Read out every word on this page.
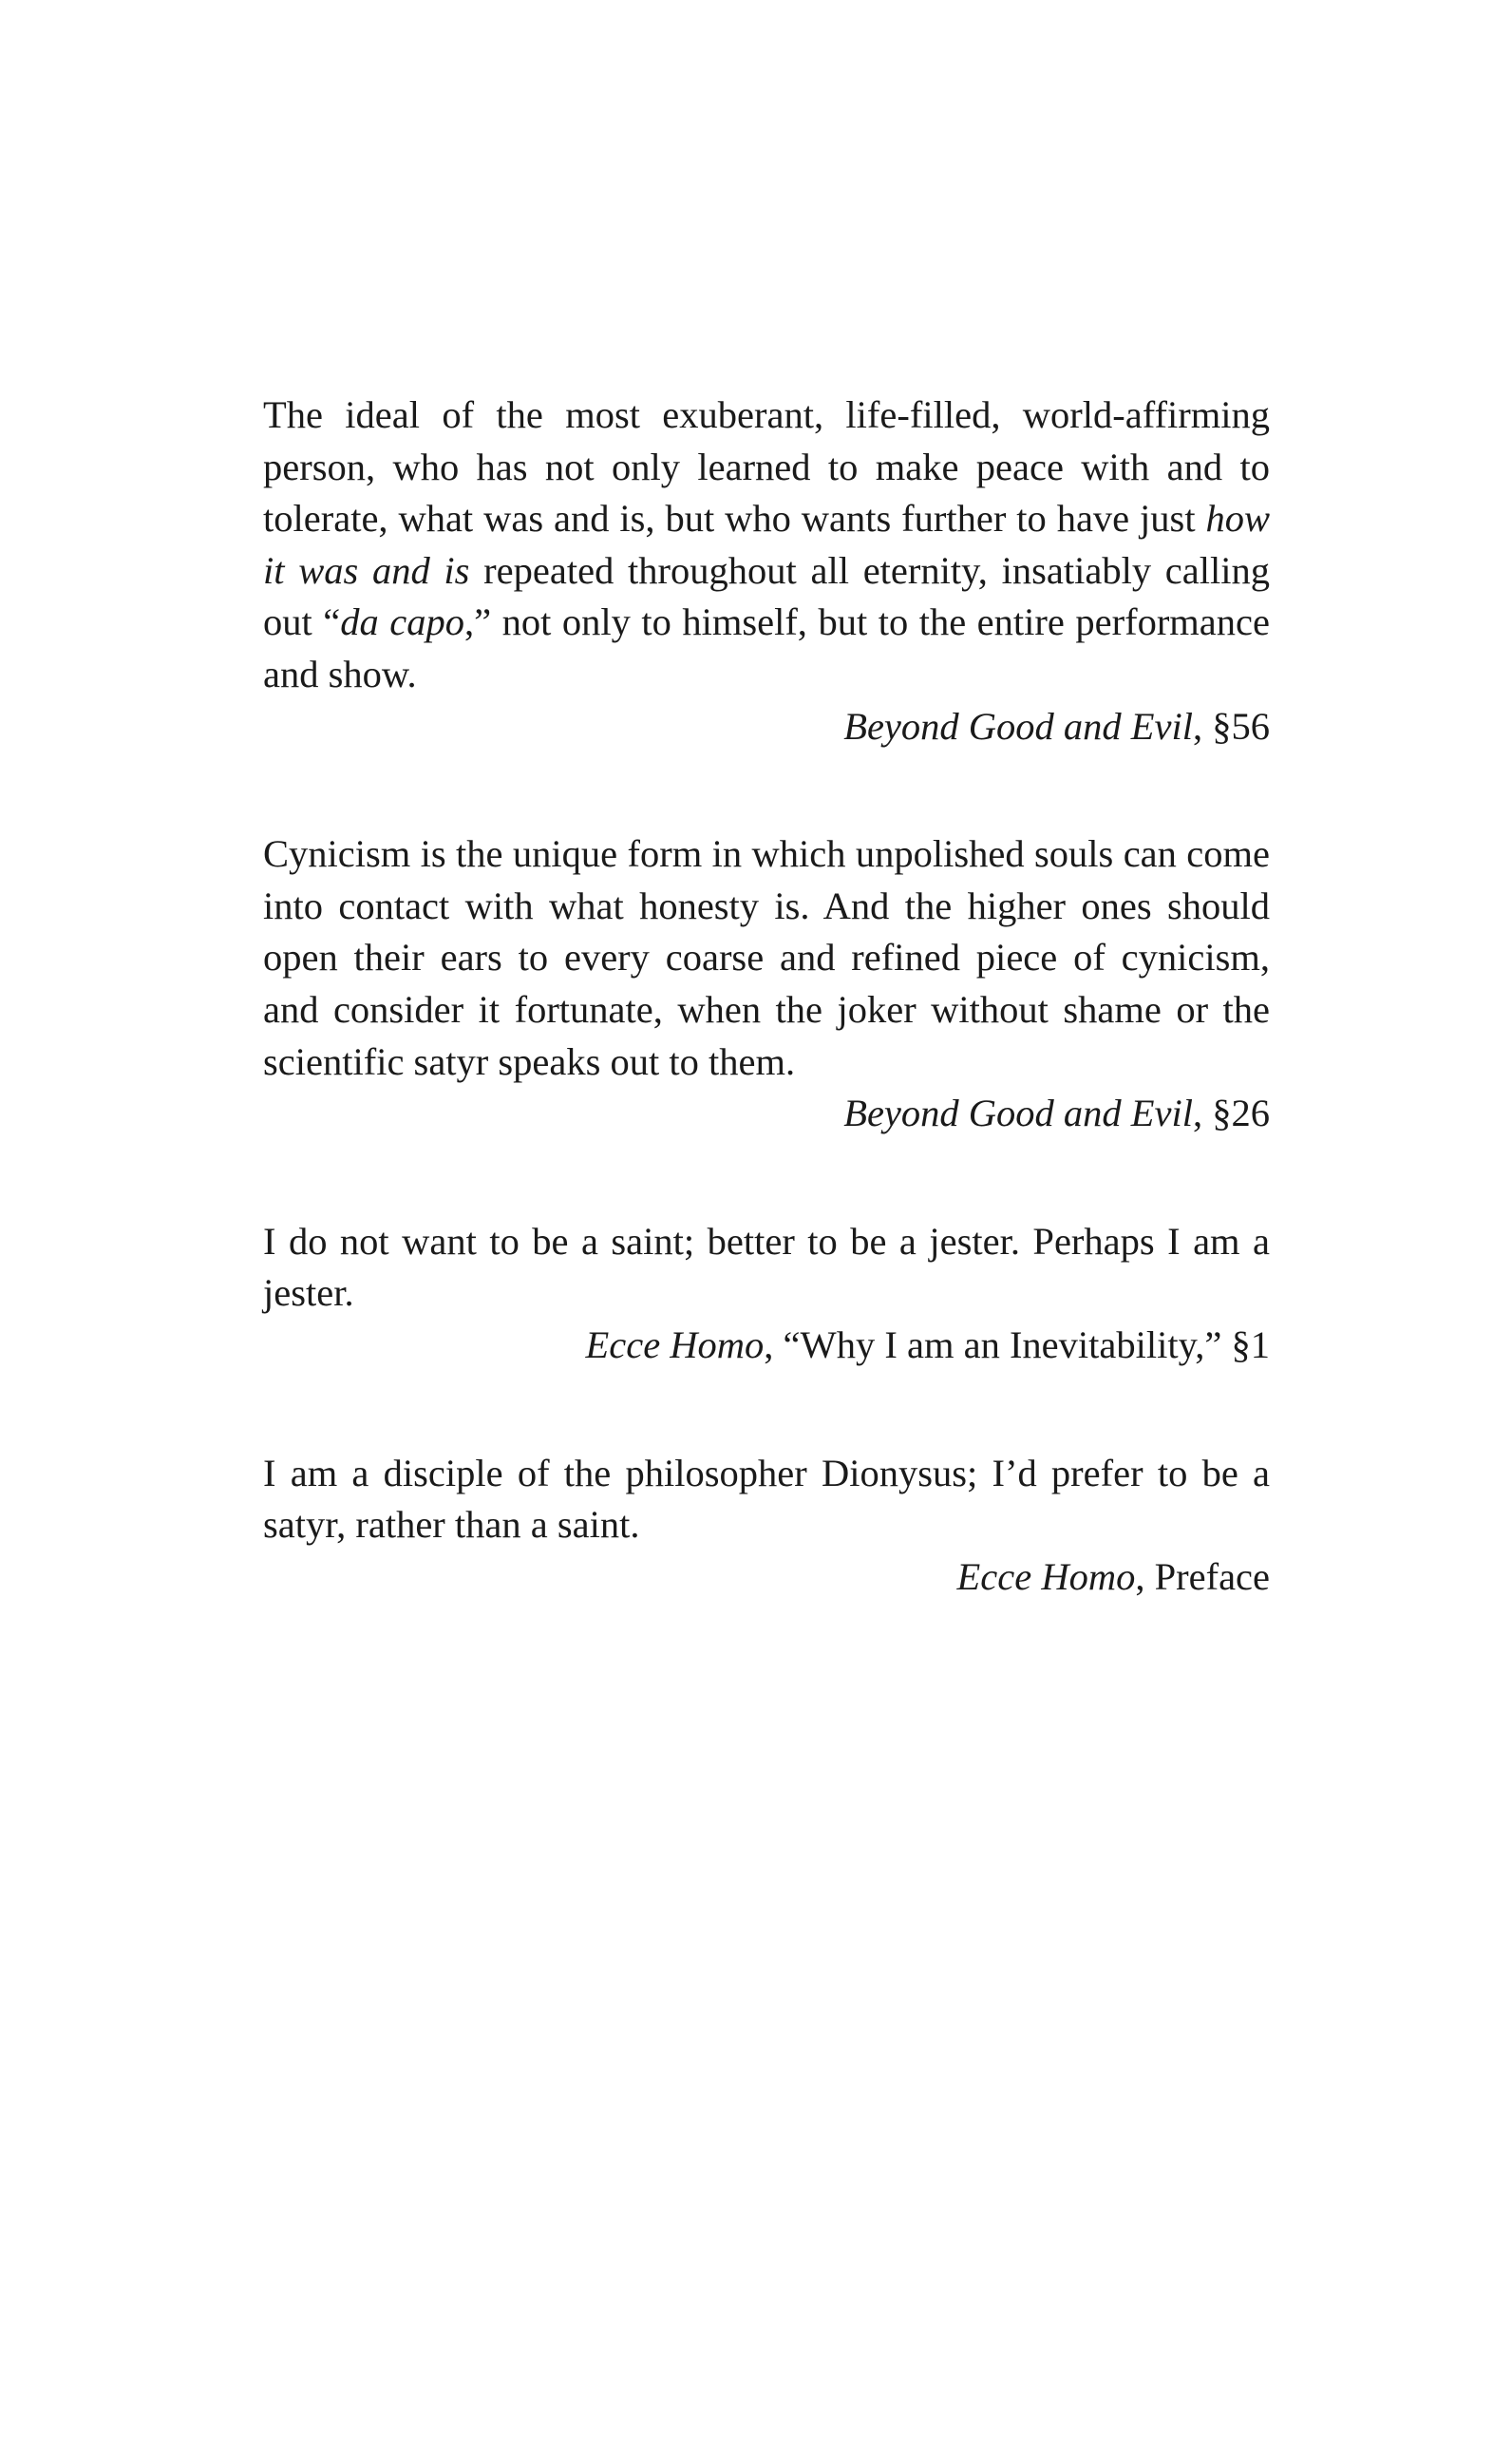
The ideal of the most exuberant, life-filled, world-affirming person, who has not only learned to make peace with and to tolerate, what was and is, but who wants further to have just how it was and is repeated throughout all eternity, insatiably calling out “da capo,” not only to himself, but to the entire performance and show.

Beyond Good and Evil, §56

Cynicism is the unique form in which unpolished souls can come into contact with what honesty is. And the higher ones should open their ears to every coarse and refined piece of cynicism, and consider it fortunate, when the joker without shame or the scientific satyr speaks out to them.

Beyond Good and Evil, §26

I do not want to be a saint; better to be a jester. Perhaps I am a jester.

Ecce Homo, “Why I am an Inevitability,” §1

I am a disciple of the philosopher Dionysus; I’d prefer to be a satyr, rather than a saint.

Ecce Homo, Preface
